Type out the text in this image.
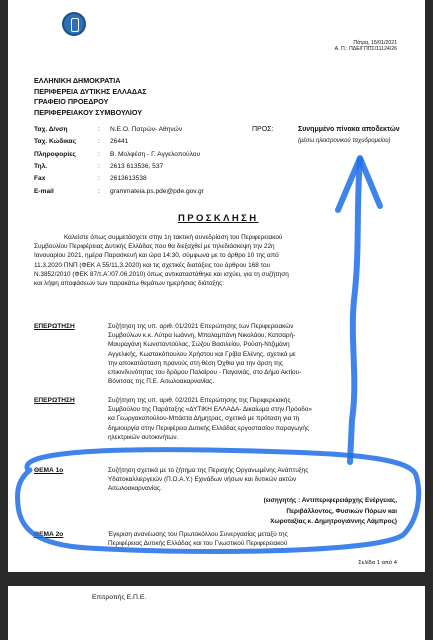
Πάτρα, 15/01/2021
Α. Π.: ΠΔΕ/ΓΠΠΣ/11124/26
ΕΛΛΗΝΙΚΗ ΔΗΜΟΚΡΑΤΙΑ
ΠΕΡΙΦΕΡΕΙΑ ΔΥΤΙΚΗΣ ΕΛΛΑΔΑΣ
ΓΡΑΦΕΙΟ ΠΡΟΕΔΡΟΥ
ΠΕΡΙΦΕΡΕΙΑΚΟΥ ΣΥΜΒΟΥΛΙΟΥ
Ταχ. Δ/νση	: Ν.Ε.Ο. Πατρών- Αθηνών
Ταχ. Κώδικας	: 26441
Πληροφορίες	: Β. Μολφέση - Γ. Αγγελοπούλου
Τηλ.	: 2613 613536, 537
Fax	: 2613613538
E-mail	: grammateia.ps.pde@pde.gov.gr
ΠΡΟΣ:	Συνημμένο πίνακα αποδεκτών
(μέσω ηλεκτρονικού ταχυδρομείου)
ΠΡΟΣΚΛΗΣΗ
Καλείστε όπως συμμετάσχετε στην 1η τακτική συνεδρίαση του Περιφερειακού
Συμβουλίου Περιφέρειας Δυτικής Ελλάδας που θα διεξαχθεί με τηλεδιάσκεψη την 22η
Ιανουαρίου 2021, ημέρα Παρασκευή και ώρα 14:30, σύμφωνα με το άρθρο 10 της από
11.3.2020 ΠΝΠ (ΦΕΚ Α 55/11.3.2020) και τις σχετικές διατάξεις του άρθρου 168 του
Ν.3852/2010 (ΦΕΚ 87/τ.Α΄/07.06.2010) όπως αντικαταστάθηκε και ισχύει, για τη συζήτηση
και λήψη αποφάσεων των παρακάτω θεμάτων ημερήσιας διάταξης:
ΕΠΕΡΩΤΗΣΗ	Συζήτηση της υπ. αριθ. 01/2021 Επερώτησης των Περιφερειακών
Συμβούλων κ.κ. Λύτρα Ιωάννη, Μπαλαμπάνη Νικολάου, Κατσαρή-
Μαυραγάνη Κωνσταντούλας, Σώζου Βασιλείου, Ρούση-Ντζιμάνη
Αγγελικής, Κωστακόπουλου Χρήστου και Γρίβα Ελένης, σχετικά με
την αποκατάσταση πρανούς στη θέση Όχθια για την άρση της
επικινδυνότητας του δρόμου Παλαίρου - Παγανιάς, στο Δήμο Ακτίου-
Βόνιτσας της Π.Ε. Αιτωλοακαρνανίας.
ΕΠΕΡΩΤΗΣΗ	Συζήτηση της υπ. αριθ. 02/2021 Επερώτησης της Περιφερειακής
Συμβούλου της Παράταξης «ΔΥΤΙΚΗ ΕΛΛΑΔΑ- Δικαίωμα στην Πρόοδο»
κα Γεωργακοπούλου-Μπάστα Δήμητρας, σχετικά με πρόταση για τη
δημιουργία στην Περιφέρεια Δυτικής Ελλάδας εργοστασίου παραγωγής
ηλεκτρικών αυτοκινήτων.
ΘΕΜΑ 1ο	Συζήτηση σχετικά με το ζήτημα της Περιοχής Οργανωμένης Ανάπτυξης
Υδατοκαλλιεργειών (Π.Ο.Α.Υ.) Εχινάδων νήσων και δυτικών ακτών
Αιτωλοακαρνανίας.
(εισηγητής : Αντιπεριφερειάρχης Ενέργειας,
Περιβάλλοντος, Φυσικών Πόρων και
Χωροταξίας κ. Δημητρογιάννης Λάμπρος)
ΘΕΜΑ 2ο	Έγκριση ανανέωσης του Πρωτοκόλλου Συνεργασίας μεταξύ της
Περιφέρειας Δυτικής Ελλάδας και του Γνωστικού Περιφερειακού
Σελίδα 1 από 4
Επιτροπής Ε.Π.Ε.
